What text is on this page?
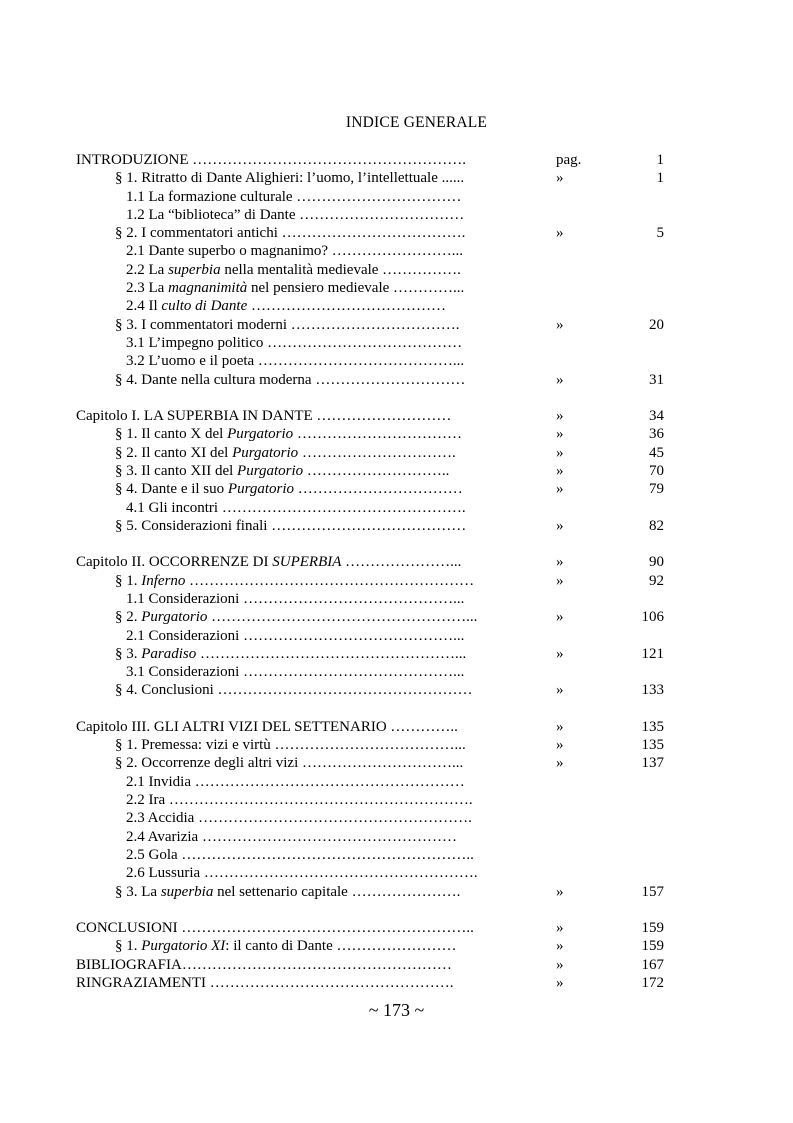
INDICE GENERALE
INTRODUZIONE ……………………………………………….	pag.	1
§ 1. Ritratto di Dante Alighieri: l’uomo, l’intellettuale ......	»	1
1.1 La formazione culturale ……………………………
1.2 La “biblioteca” di Dante ……………………………
§ 2. I commentatori antichi ……………………………….	»	5
2.1 Dante superbo o magnanimo? ……………………...
2.2 La superbia nella mentalità medievale …………….
2.3 La magnanimità nel pensiero medievale …………...
2.4 Il culto di Dante …………………………………
§ 3. I commentatori moderni …………………………….	»	20
3.1 L’impegno politico …………………………………
3.2 L’uomo e il poeta …………………………………...
§ 4. Dante nella cultura moderna …………………………	»	31
Capitolo I. LA SUPERBIA IN DANTE ………………………	»	34
§ 1. Il canto X del Purgatorio ……………………………	»	36
§ 2. Il canto XI del Purgatorio ………………………….	»	45
§ 3. Il canto XII del Purgatorio ………………………..	»	70
§ 4. Dante e il suo Purgatorio ……………………………	»	79
4.1 Gli incontri ………………………………………….
§ 5. Considerazioni finali …………………………………	»	82
Capitolo II. OCCORRENZE DI SUPERBIA …………………...	»	90
§ 1. Inferno …………………………………………………	»	92
1.1 Considerazioni ……………………………………...
§ 2. Purgatorio ……………………………………………...	»	106
2.1 Considerazioni ……………………………………...
§ 3. Paradiso ……………………………………………...	»	121
3.1 Considerazioni ……………………………………...
§ 4. Conclusioni ……………………………………………	»	133
Capitolo III. GLI ALTRI VIZI DEL SETTENARIO …………..	»	135
§ 1. Premessa: vizi e virtù ………………………………...	»	135
§ 2. Occorrenze degli altri vizi …………………………...	»	137
2.1 Invidia ………………………………………………
2.2 Ira …………………………………………………….
2.3 Accidia ……………………………………………….
2.4 Avarizia ……………………………………………
2.5 Gola …………………………………………………..
2.6 Lussuria ……………………………………………….
§ 3. La superbia nel settenario capitale ………………….	»	157
CONCLUSIONI …………………………………………………..	»	159
§ 1. Purgatorio XI: il canto di Dante ……………………	»	159
BIBLIOGRAFIA………………………………………………	»	167
RINGRAZIAMENTI ………………………………………….	»	172
~ 173 ~
